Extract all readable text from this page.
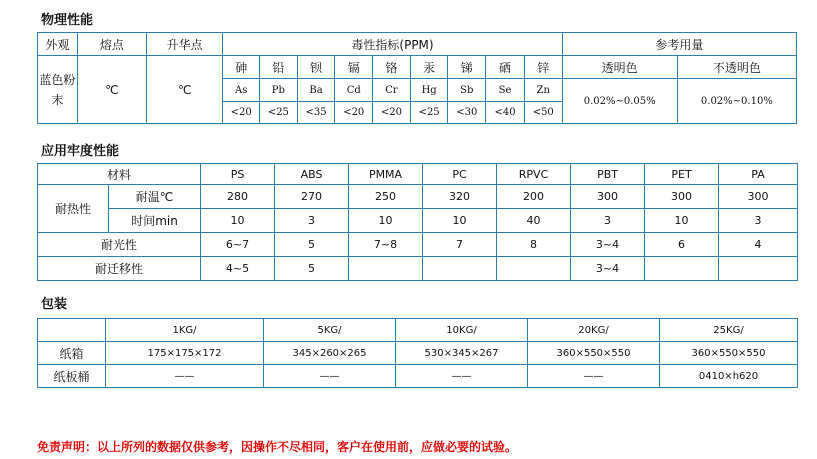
物理性能
外观	熔点	升华点	毒性指标(PPM)									参考用量	
蓝色粉末	℃	℃	砷	铅	钡	镉	铬	汞	锑	硒	锌	透明色	不透明色
			As	Pb	Ba	Cd	Cr	Hg	Sb	Se	Zn	0.02%~0.05%	0.02%~0.10%
			<20	<25	<35	<20	<20	<25	<30	<40	<50		
应用牢度性能
材料		PS	ABS	PMMA	PC	RPVC	PBT	PET	PA
耐热性	耐温℃	280	270	250	320	200	300	300	300
	时间min	10	3	10	10	40	3	10	3
耐光性		6~7	5	7~8	7	8	3~4	6	4
耐迁移性		4~5	5				3~4		
包装
	1KG/	5KG/	10KG/	20KG/	25KG/
纸箱	175×175×172	345×260×265	530×345×267	360×550×550	360×550×550
纸板桶	——	——	——	——	0410×h620
免责声明：以上所列的数据仅供参考，因操作不尽相同，客户在使用前，应做必要的试验。
